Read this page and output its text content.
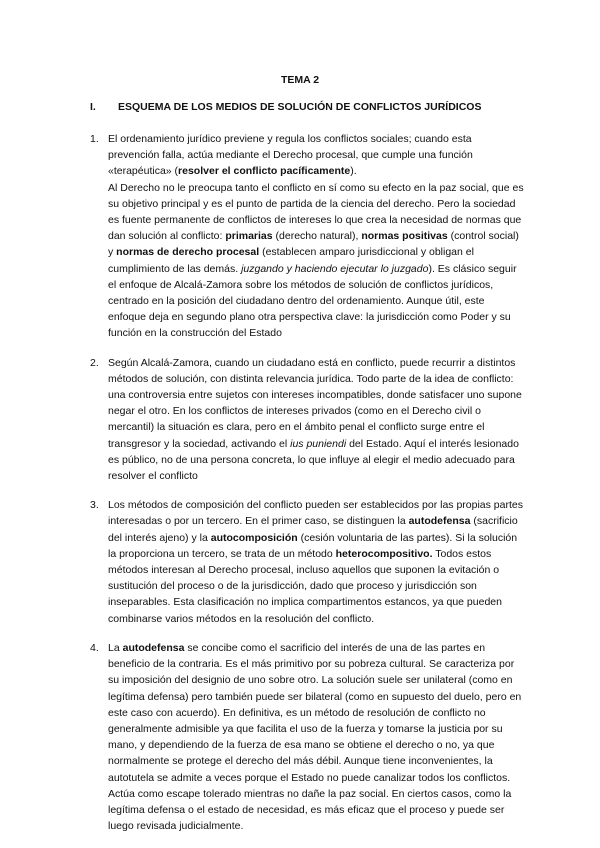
TEMA 2
I. ESQUEMA DE LOS MEDIOS DE SOLUCIÓN DE CONFLICTOS JURÍDICOS
1. El ordenamiento jurídico previene y regula los conflictos sociales; cuando esta prevención falla, actúa mediante el Derecho procesal, que cumple una función «terapéutica» (resolver el conflicto pacíficamente).

Al Derecho no le preocupa tanto el conflicto en sí como su efecto en la paz social, que es su objetivo principal y es el punto de partida de la ciencia del derecho. Pero la sociedad es fuente permanente de conflictos de intereses lo que crea la necesidad de normas que dan solución al conflicto: primarias (derecho natural), normas positivas (control social) y normas de derecho procesal (establecen amparo jurisdiccional y obligan el cumplimiento de las demás. juzgando y haciendo ejecutar lo juzgado). Es clásico seguir el enfoque de Alcalá-Zamora sobre los métodos de solución de conflictos jurídicos, centrado en la posición del ciudadano dentro del ordenamiento. Aunque útil, este enfoque deja en segundo plano otra perspectiva clave: la jurisdicción como Poder y su función en la construcción del Estado

2. Según Alcalá-Zamora, cuando un ciudadano está en conflicto, puede recurrir a distintos métodos de solución, con distinta relevancia jurídica. Todo parte de la idea de conflicto: una controversia entre sujetos con intereses incompatibles, donde satisfacer uno supone negar el otro. En los conflictos de intereses privados (como en el Derecho civil o mercantil) la situación es clara, pero en el ámbito penal el conflicto surge entre el transgresor y la sociedad, activando el ius puniendi del Estado. Aquí el interés lesionado es público, no de una persona concreta, lo que influye al elegir el medio adecuado para resolver el conflicto

3. Los métodos de composición del conflicto pueden ser establecidos por las propias partes interesadas o por un tercero. En el primer caso, se distinguen la autodefensa (sacrificio del interés ajeno) y la autocomposición (cesión voluntaria de las partes). Si la solución la proporciona un tercero, se trata de un método heterocompositivo. Todos estos métodos interesan al Derecho procesal, incluso aquellos que suponen la evitación o sustitución del proceso o de la jurisdicción, dado que proceso y jurisdicción son inseparables. Esta clasificación no implica compartimentos estancos, ya que pueden combinarse varios métodos en la resolución del conflicto.

4. La autodefensa se concibe como el sacrificio del interés de una de las partes en beneficio de la contraria. Es el más primitivo por su pobreza cultural. Se caracteriza por su imposición del designio de uno sobre otro. La solución suele ser unilateral (como en legítima defensa) pero también puede ser bilateral (como en supuesto del duelo, pero en este caso con acuerdo). En definitiva, es un método de resolución de conflicto no generalmente admisible ya que facilita el uso de la fuerza y tomarse la justicia por su mano, y dependiendo de la fuerza de esa mano se obtiene el derecho o no, ya que normalmente se protege el derecho del más débil. Aunque tiene inconvenientes, la autotutela se admite a veces porque el Estado no puede canalizar todos los conflictos. Actúa como escape tolerado mientras no dañe la paz social. En ciertos casos, como la legítima defensa o el estado de necesidad, es más eficaz que el proceso y puede ser luego revisada judicialmente.
